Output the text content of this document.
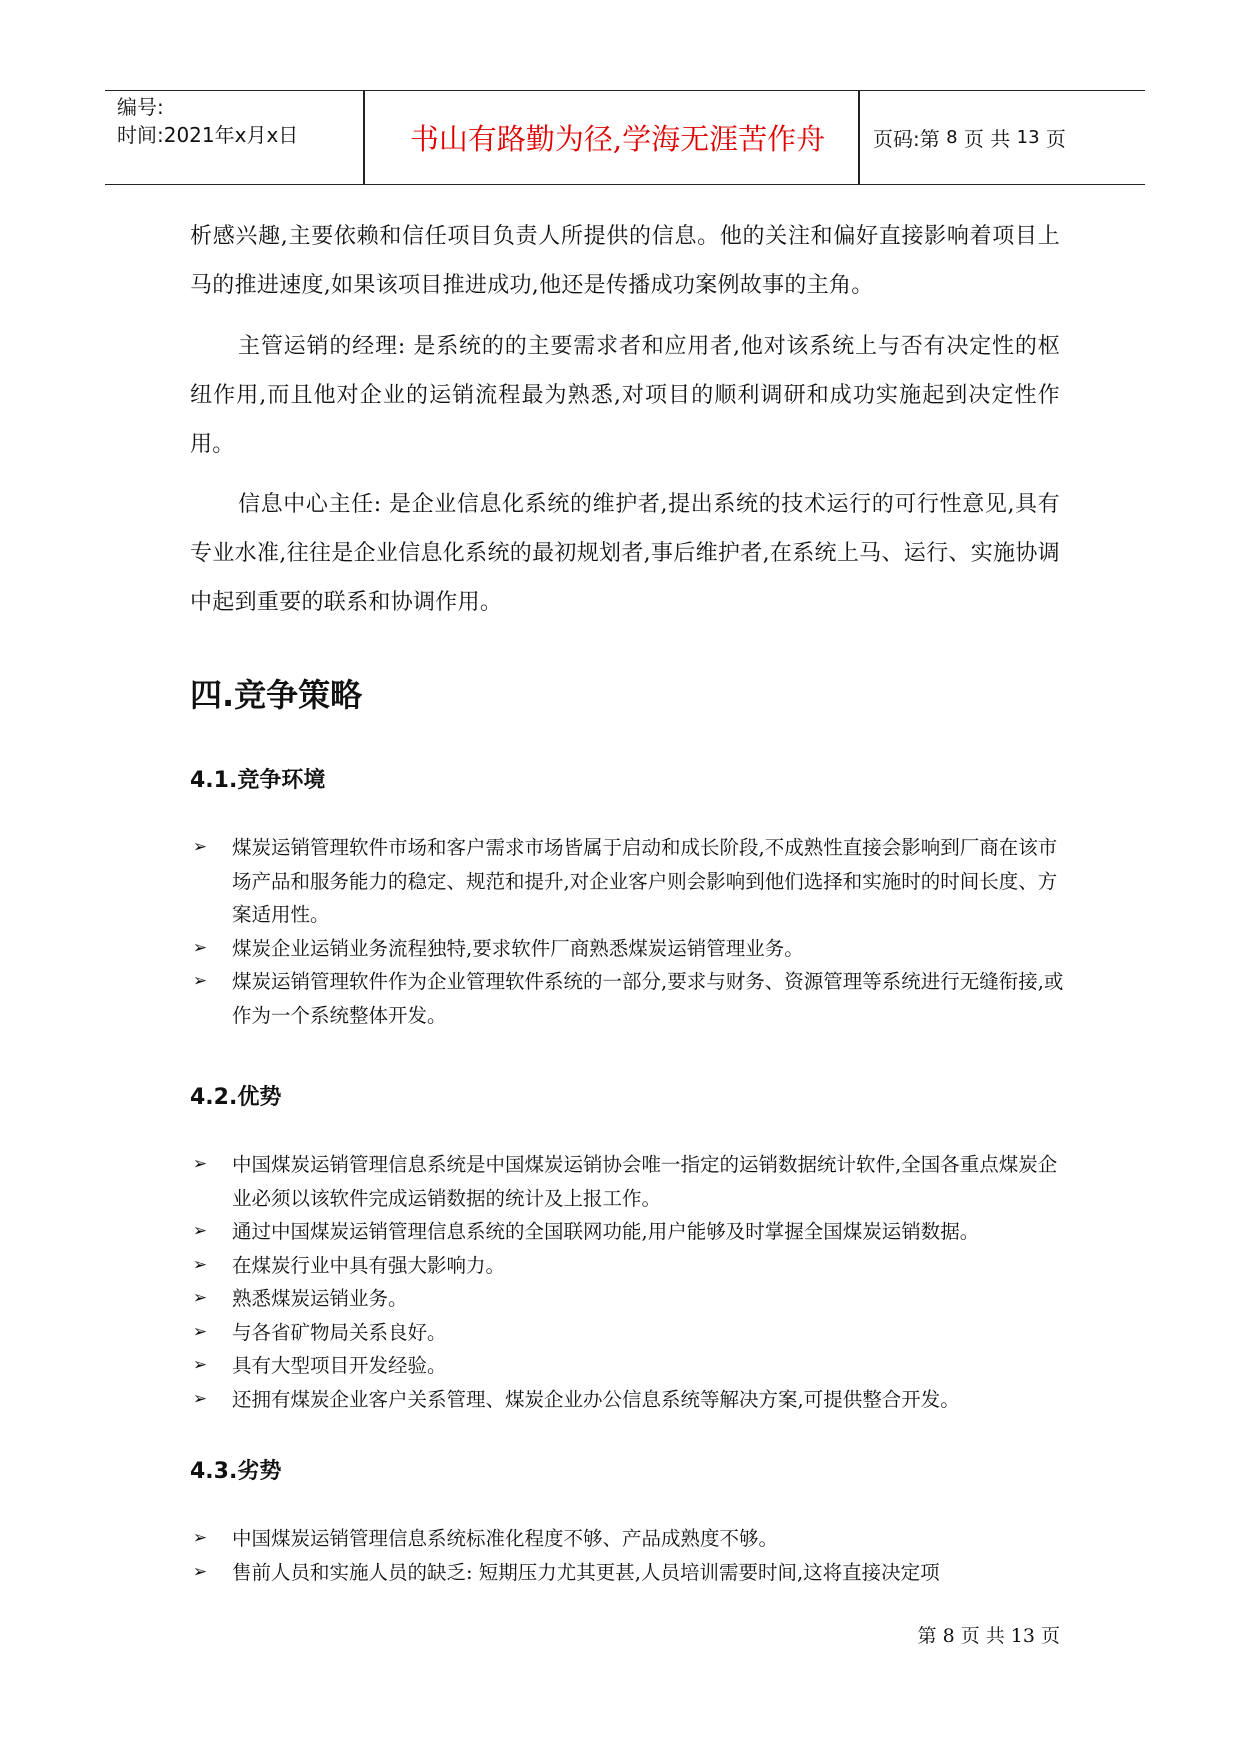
编号:
时间:2021年x月x日	书山有路勤为径,学海无涯苦作舟	页码:第
8
页 共
13
页

析感兴趣,主要依赖和信任项目负责人所提供的信息。他的关注和偏好直接影响着项目上马的推进速度,如果该项目推进成功,他还是传播成功案例故事的主角。

主管运销的经理: 是系统的的主要需求者和应用者,他对该系统上与否有决定性的枢纽作用,而且他对企业的运销流程最为熟悉,对项目的顺利调研和成功实施起到决定性作用。

信息中心主任: 是企业信息化系统的维护者,提出系统的技术运行的可行性意见,具有专业水准,往往是企业信息化系统的最初规划者,事后维护者,在系统上马、运行、实施协调中起到重要的联系和协调作用。

四.竞争策略
4.1.竞争环境
➢ 煤炭运销管理软件市场和客户需求市场皆属于启动和成长阶段,不成熟性直接会影响到厂商在该市场产品和服务能力的稳定、规范和提升,对企业客户则会影响到他们选择和实施时的时间长度、方案适用性。
➢ 煤炭企业运销业务流程独特,要求软件厂商熟悉煤炭运销管理业务。
➢ 煤炭运销管理软件作为企业管理软件系统的一部分,要求与财务、资源管理等系统进行无缝衔接,或作为一个系统整体开发。
4.2.优势
➢ 中国煤炭运销管理信息系统是中国煤炭运销协会唯一指定的运销数据统计软件,全国各重点煤炭企业必须以该软件完成运销数据的统计及上报工作。
➢ 通过中国煤炭运销管理信息系统的全国联网功能,用户能够及时掌握全国煤炭运销数据。
➢ 在煤炭行业中具有强大影响力。
➢ 熟悉煤炭运销业务。
➢ 与各省矿物局关系良好。
➢ 具有大型项目开发经验。
➢ 还拥有煤炭企业客户关系管理、煤炭企业办公信息系统等解决方案,可提供整合开发。
4.3.劣势
➢ 中国煤炭运销管理信息系统标准化程度不够、产品成熟度不够。
➢ 售前人员和实施人员的缺乏: 短期压力尤其更甚,人员培训需要时间,这将直接决定项
第 8 页 共 13 页
